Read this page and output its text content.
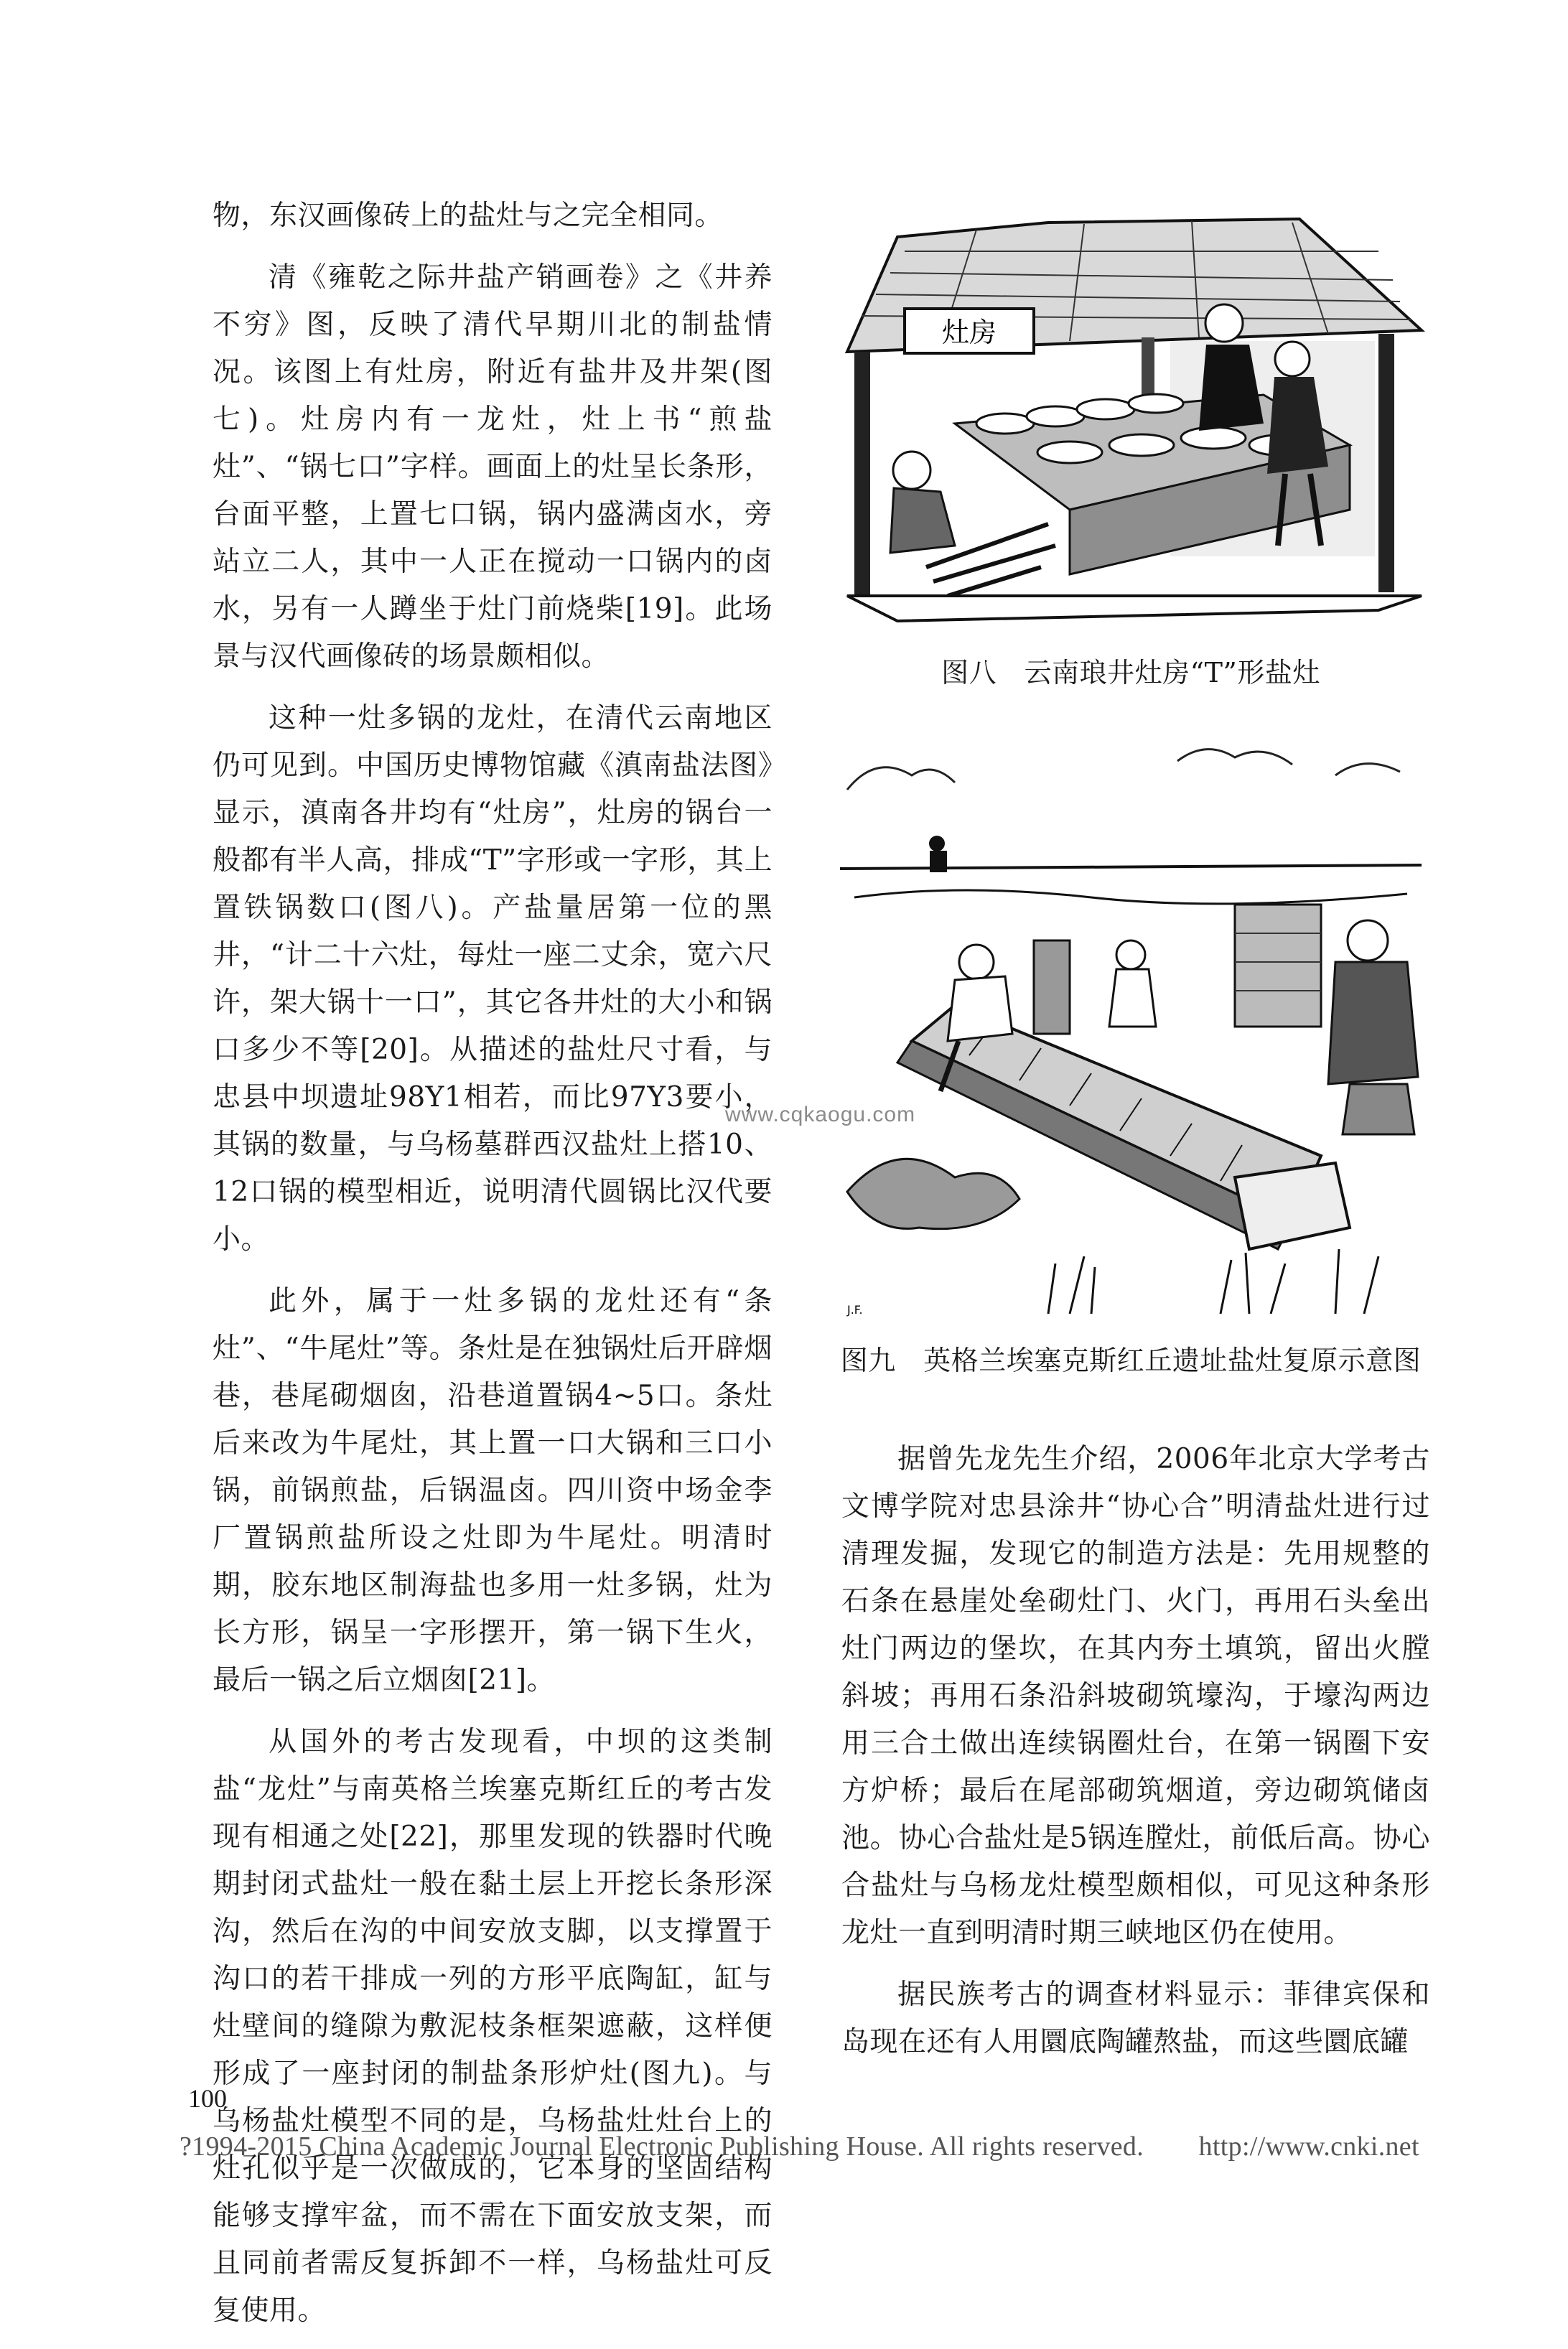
物，东汉画像砖上的盐灶与之完全相同。

清《雍乾之际井盐产销画卷》之《井养不穷》图，反映了清代早期川北的制盐情况。该图上有灶房，附近有盐井及井架(图七)。灶房内有一龙灶，灶上书“煎盐灶”、“锅七口”字样。画面上的灶呈长条形，台面平整，上置七口锅，锅内盛满卤水，旁站立二人，其中一人正在搅动一口锅内的卤水，另有一人蹲坐于灶门前烧柴[19]。此场景与汉代画像砖的场景颇相似。

这种一灶多锅的龙灶，在清代云南地区仍可见到。中国历史博物馆藏《滇南盐法图》显示，滇南各井均有“灶房”，灶房的锅台一般都有半人高，排成“T”字形或一字形，其上置铁锅数口(图八)。产盐量居第一位的黑井，“计二十六灶，每灶一座二丈余，宽六尺许，架大锅十一口”，其它各井灶的大小和锅口多少不等[20]。从描述的盐灶尺寸看，与忠县中坝遗址98Y1相若，而比97Y3要小，其锅的数量，与乌杨墓群西汉盐灶上搭10、12口锅的模型相近，说明清代圆锅比汉代要小。

此外，属于一灶多锅的龙灶还有“条灶”、“牛尾灶”等。条灶是在独锅灶后开辟烟巷，巷尾砌烟囱，沿巷道置锅4~5口。条灶后来改为牛尾灶，其上置一口大锅和三口小锅，前锅煎盐，后锅温卤。四川资中场金李厂置锅煎盐所设之灶即为牛尾灶。明清时期，胶东地区制海盐也多用一灶多锅，灶为长方形，锅呈一字形摆开，第一锅下生火，最后一锅之后立烟囱[21]。

从国外的考古发现看，中坝的这类制盐“龙灶”与南英格兰埃塞克斯红丘的考古发现有相通之处[22]，那里发现的铁器时代晚期封闭式盐灶一般在黏土层上开挖长条形深沟，然后在沟的中间安放支脚，以支撑置于沟口的若干排成一列的方形平底陶缸，缸与灶壁间的缝隙为敷泥枝条框架遮蔽，这样便形成了一座封闭的制盐条形炉灶(图九)。与乌杨盐灶模型不同的是，乌杨盐灶灶台上的灶孔似乎是一次做成的，它本身的坚固结构能够支撑牢盆，而不需在下面安放支架，而且同前者需反复拆卸不一样，乌杨盐灶可反复使用。

灶房
图八　云南琅井灶房“T”形盐灶
J.F.
www.cqkaogu.com
图九　英格兰埃塞克斯红丘遗址盐灶复原示意图

据曾先龙先生介绍，2006年北京大学考古文博学院对忠县涂井“协心合”明清盐灶进行过清理发掘，发现它的制造方法是：先用规整的石条在悬崖处垒砌灶门、火门，再用石头垒出灶门两边的堡坎，在其内夯土填筑，留出火膛斜坡；再用石条沿斜坡砌筑壕沟，于壕沟两边用三合土做出连续锅圈灶台，在第一锅圈下安方炉桥；最后在尾部砌筑烟道，旁边砌筑储卤池。协心合盐灶是5锅连膛灶，前低后高。协心合盐灶与乌杨龙灶模型颇相似，可见这种条形龙灶一直到明清时期三峡地区仍在使用。

据民族考古的调查材料显示：菲律宾保和岛现在还有人用圜底陶罐熬盐，而这些圜底罐

100
?1994-2015 China Academic Journal Electronic Publishing House. All rights reserved.　　http://www.cnki.net
